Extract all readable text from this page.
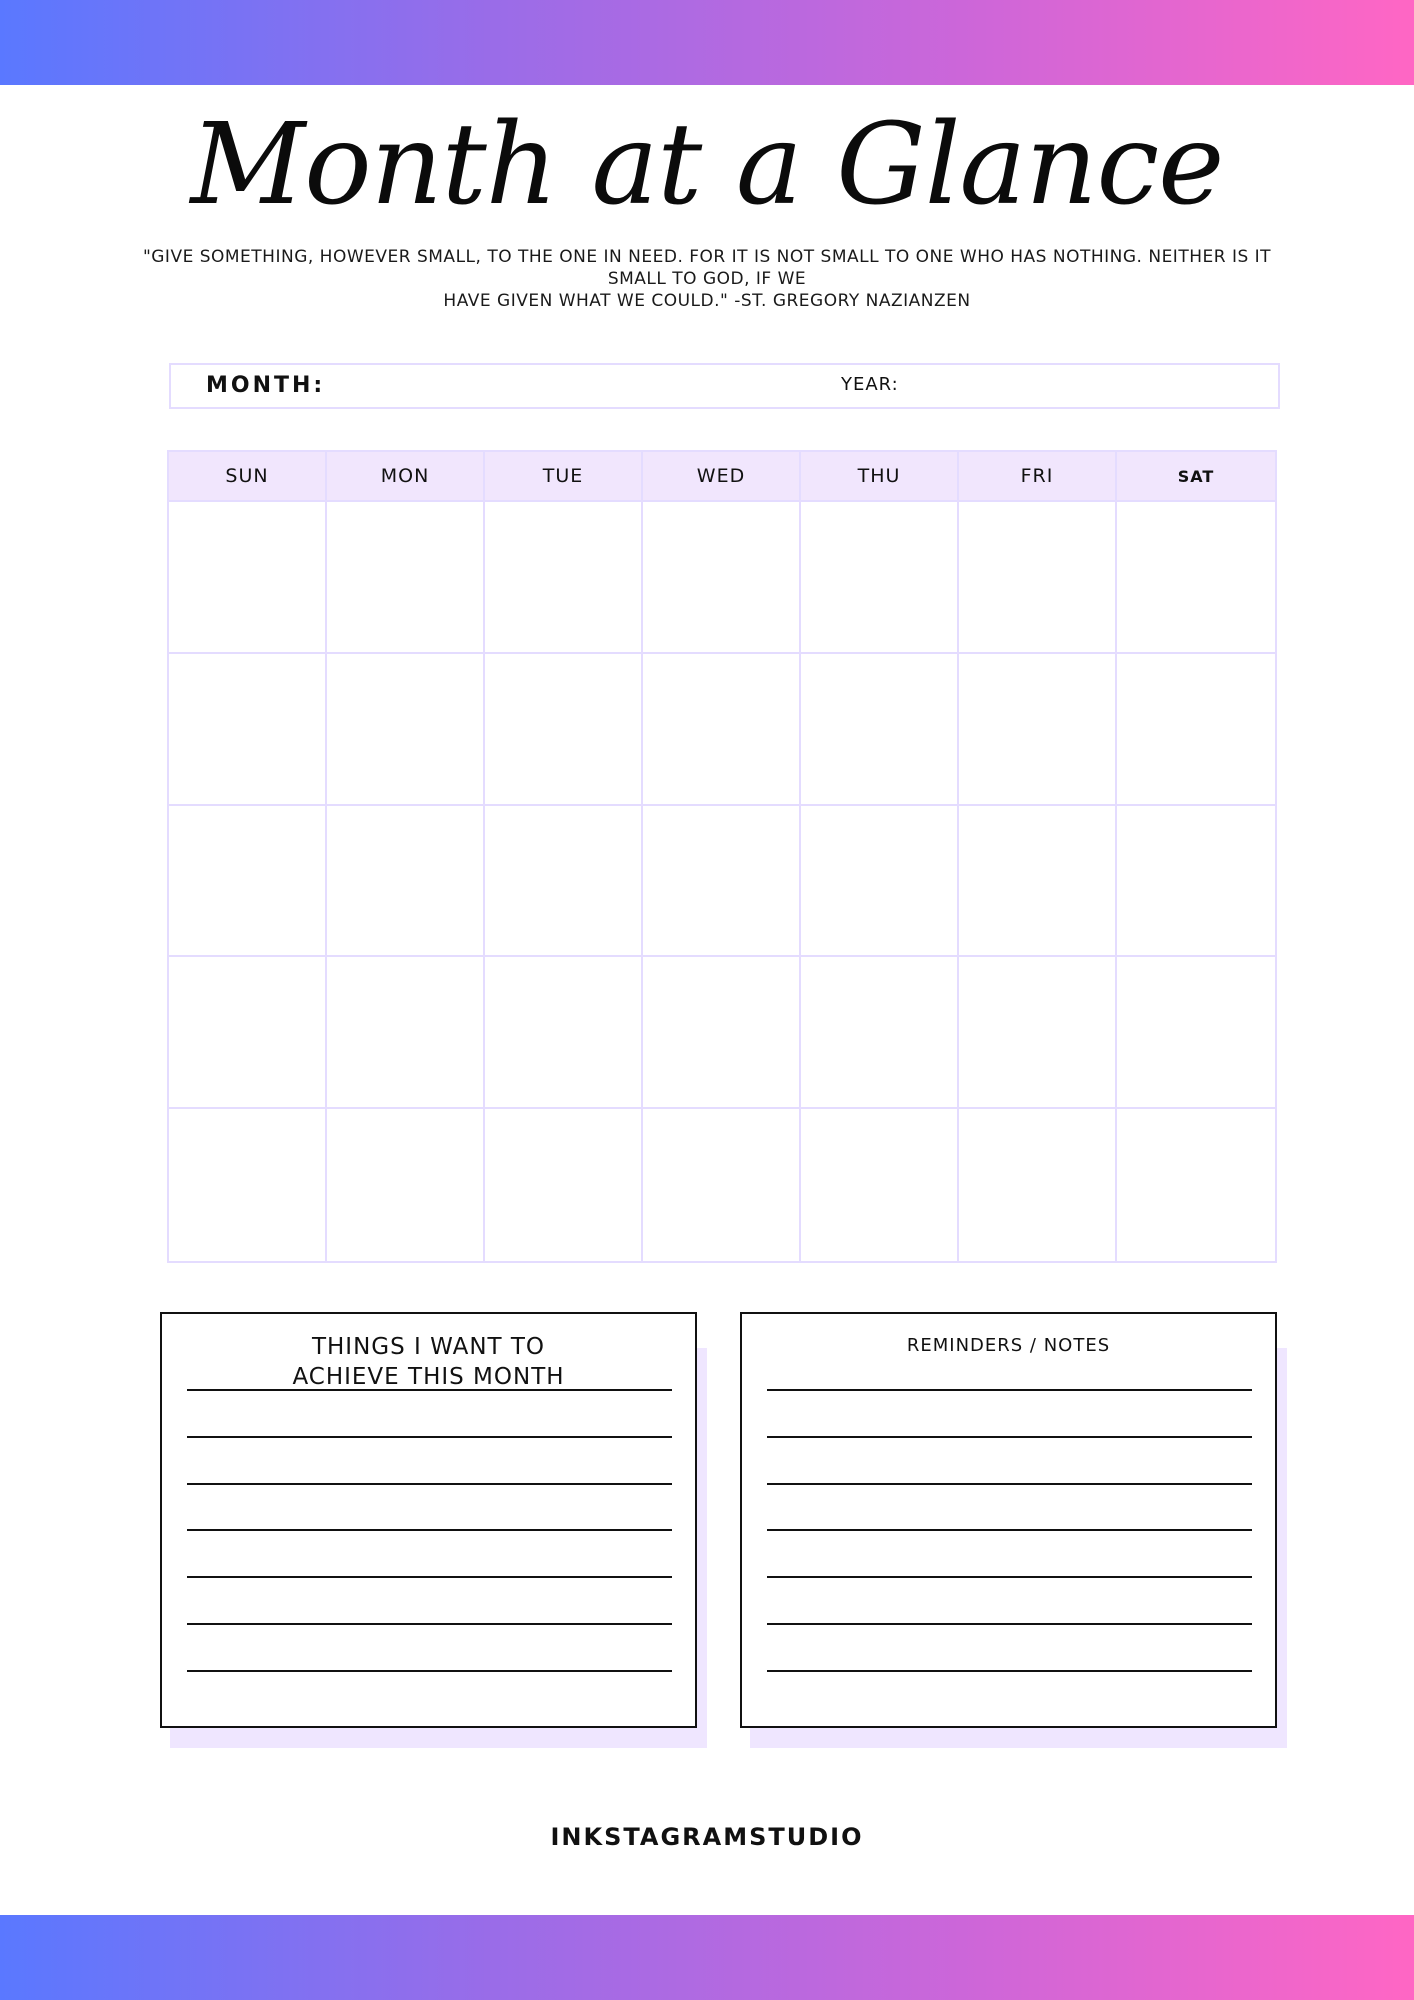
Month at a Glance
"GIVE SOMETHING, HOWEVER SMALL, TO THE ONE IN NEED. FOR IT IS NOT SMALL TO ONE WHO HAS NOTHING. NEITHER IS IT
SMALL TO GOD, IF WE
HAVE GIVEN WHAT WE COULD." -ST. GREGORY NAZIANZEN
MONTH:	YEAR:
SUN	MON	TUE	WED	THU	FRI	SAT
THINGS I WANT TO
ACHIEVE THIS MONTH
REMINDERS / NOTES
INKSTAGRAMSTUDIO
